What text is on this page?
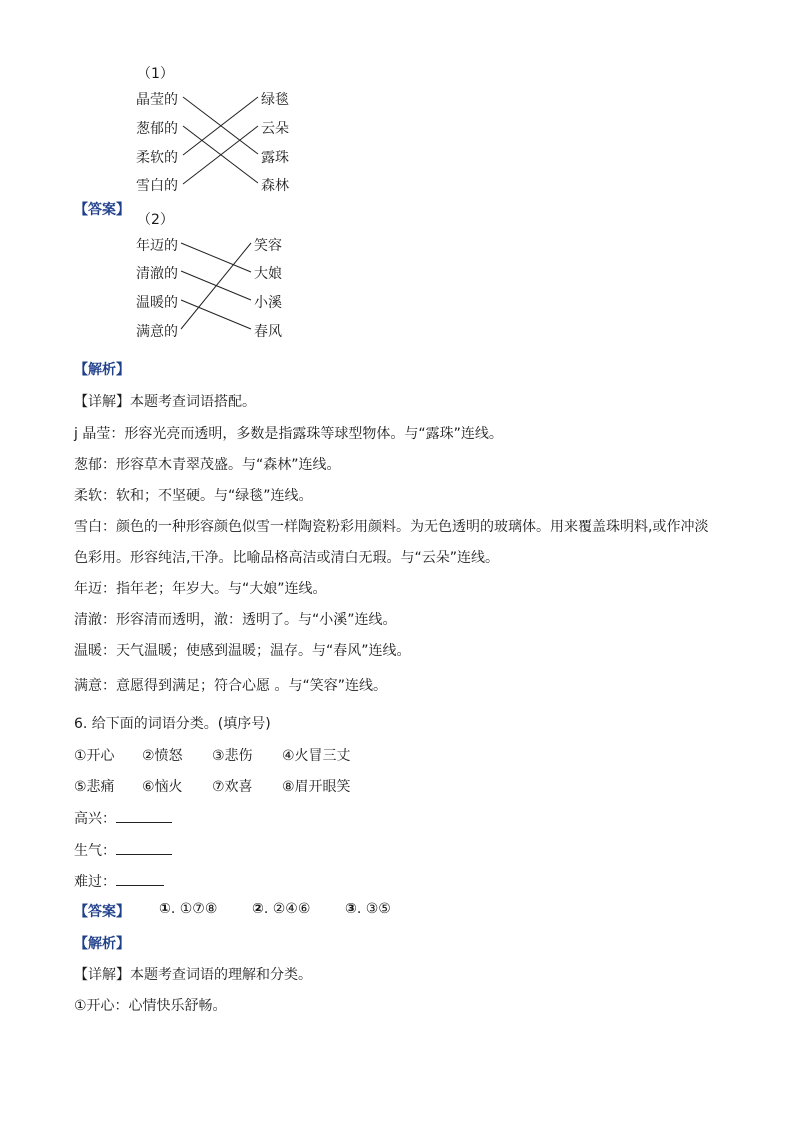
（1）
晶莹的
葱郁的
柔软的
雪白的
绿毯
云朵
露珠
森林
【答案】
（2）
年迈的
清澈的
温暖的
满意的
笑容
大娘
小溪
春风
【解析】
【详解】本题考查词语搭配。
j 晶莹：形容光亮而透明，多数是指露珠等球型物体。与“露珠”连线。
葱郁：形容草木青翠茂盛。与“森林”连线。
柔软：软和；不坚硬。与“绿毯”连线。
雪白：颜色的一种形容颜色似雪一样陶瓷粉彩用颜料。为无色透明的玻璃体。用来覆盖珠明料,或作冲淡
色彩用。形容纯洁,干净。比喻品格高洁或清白无瑕。与“云朵”连线。
年迈：指年老；年岁大。与“大娘”连线。
清澈：形容清而透明，澈：透明了。与“小溪”连线。
温暖：天气温暖；使感到温暖；温存。与“春风”连线。
满意：意愿得到满足；符合心愿 。与“笑容”连线。
6. 给下面的词语分类。(填序号)
①开心 ②愤怒 ③悲伤 ④火冒三丈
⑤悲痛 ⑥恼火 ⑦欢喜 ⑧眉开眼笑
高兴：
生气：
难过：
【答案】 ①. ①⑦⑧ ②. ②④⑥ ③. ③⑤
【解析】
【详解】本题考查词语的理解和分类。
①开心：心情快乐舒畅。
